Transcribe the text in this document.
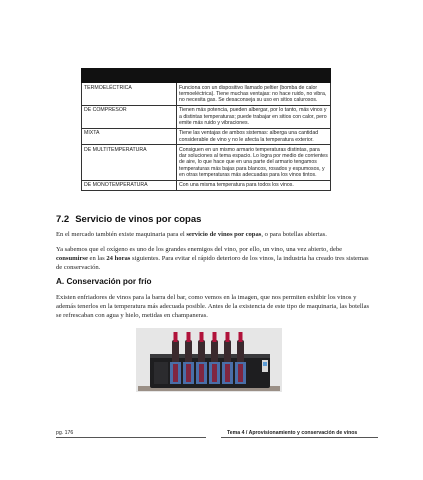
TERMOELÉCTRICA	Funciona con un dispositivo llamado peltier (bomba de calor termoeléctrica). Tiene muchas ventajas: no hace ruido, no vibra, no necesita gas. Se desaconseja su uso en sitios calurosos.
DE COMPRESOR	Tienen más potencia, pueden albergar, por lo tanto, más vinos y a distintas temperaturas; puede trabajar en sitios con calor, pero emite más ruido y vibraciones.
MIXTA	Tiene las ventajas de ambos sistemas: alberga una cantidad considerable de vino y no le afecta la temperatura exterior.
DE MULTITEMPERATURA	Consiguen en un mismo armario temperaturas distintas, para dar soluciones al tema espacio. Lo logra por medio de corrientes de aire, lo que hace que en una parte del armario tengamos temperaturas más bajas para blancos, rosados y espumosos, y en otras temperaturas más adecuadas para los vinos tintos.
DE MONOTEMPERATURA	Con una misma temperatura para todos los vinos.
7.2 Servicio de vinos por copas
En el mercado también existe maquinaria para el servicio de vinos por copas, o para botellas abiertas.
Ya sabemos que el oxígeno es uno de los grandes enemigos del vino, por ello, un vino, una vez abierto, debe consumirse en las 24 horas siguientes. Para evitar el rápido deterioro de los vinos, la industria ha creado tres sistemas de conservación.
A. Conservación por frío
Existen enfriadores de vinos para la barra del bar, como vemos en la imagen, que nos permiten exhibir los vinos y además tenerlos en la temperatura más adecuada posible. Antes de la existencia de este tipo de maquinaria, las botellas se refrescaban con agua y hielo, metidas en champaneras.
pg. 176	Tema 4 / Aprovisionamiento y conservación de vinos
